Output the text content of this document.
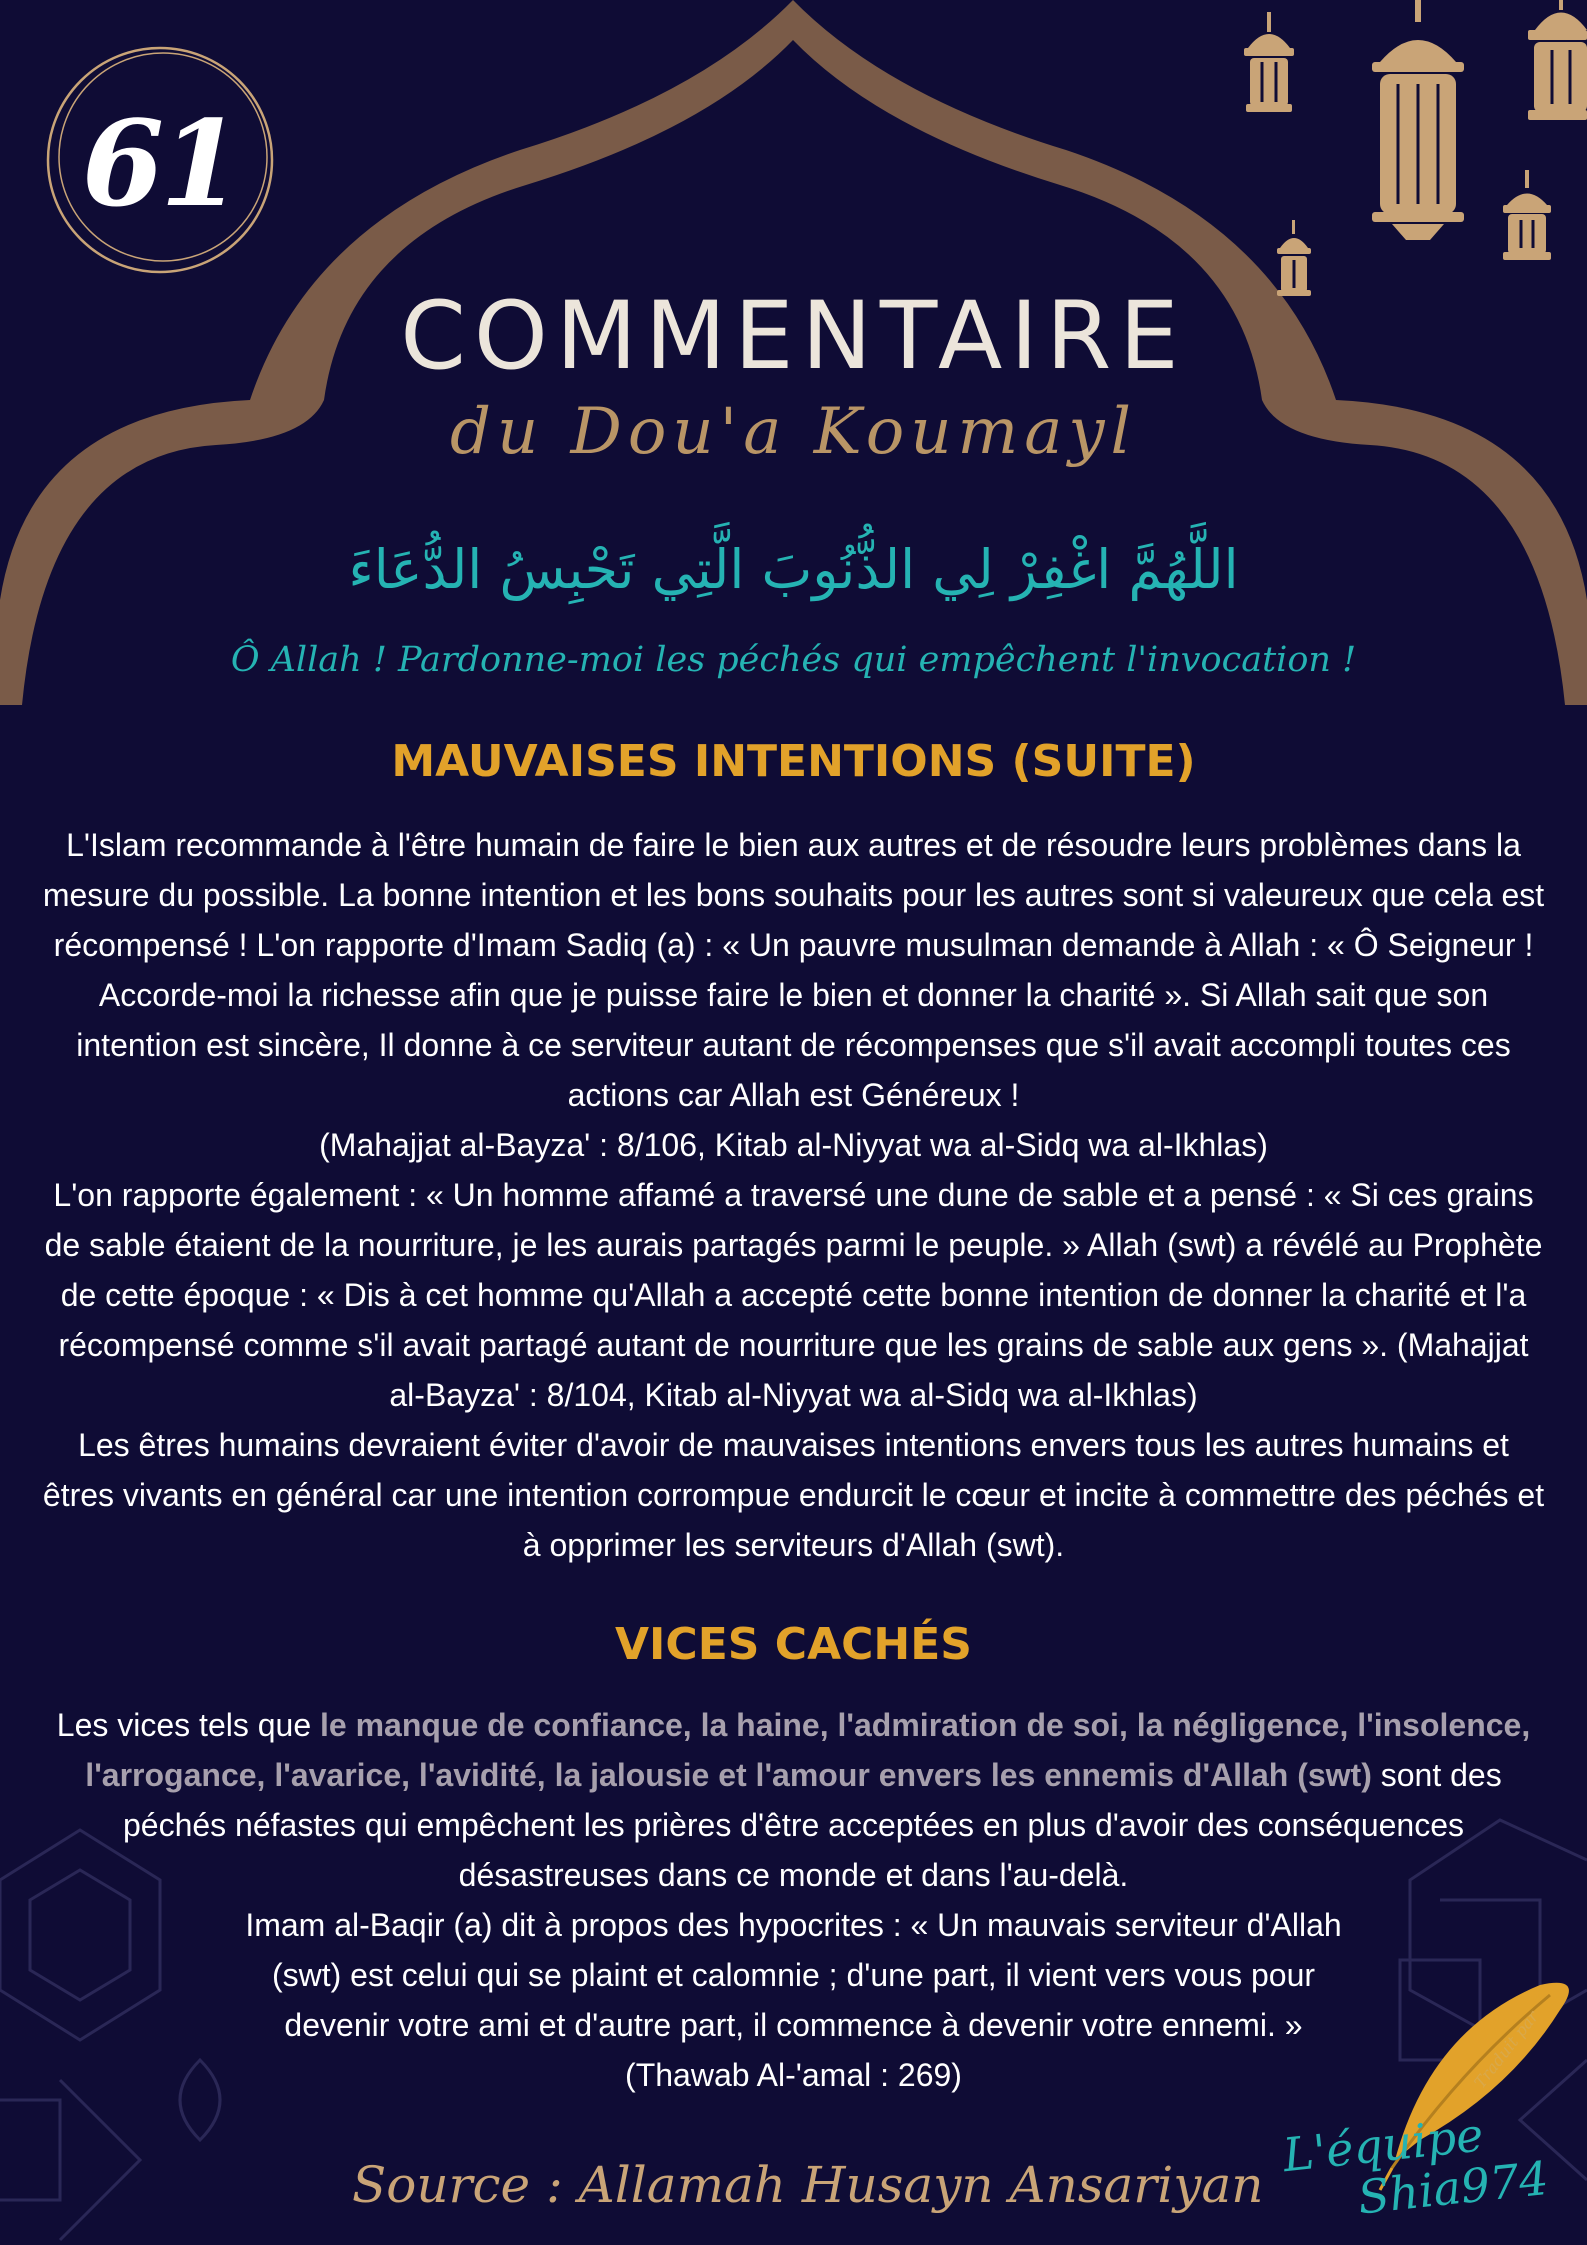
61
COMMENTAIRE
du Dou'a Koumayl
اللَّهُمَّ اغْفِرْ لِي الذُّنُوبَ الَّتِي تَحْبِسُ الدُّعَاءَ
Ô Allah ! Pardonne-moi les péchés qui empêchent l'invocation !
MAUVAISES INTENTIONS (SUITE)
L'Islam recommande à l'être humain de faire le bien aux autres et de résoudre leurs problèmes dans la mesure du possible. La bonne intention et les bons souhaits pour les autres sont si valeureux que cela est récompensé ! L'on rapporte d'Imam Sadiq (a) : « Un pauvre musulman demande à Allah : « Ô Seigneur ! Accorde-moi la richesse afin que je puisse faire le bien et donner la charité ». Si Allah sait que son intention est sincère, Il donne à ce serviteur autant de récompenses que s'il avait accompli toutes ces actions car Allah est Généreux !
(Mahajjat al-Bayza' : 8/106, Kitab al-Niyyat wa al-Sidq wa al-Ikhlas)
L'on rapporte également : « Un homme affamé a traversé une dune de sable et a pensé : « Si ces grains de sable étaient de la nourriture, je les aurais partagés parmi le peuple. » Allah (swt) a révélé au Prophète de cette époque : « Dis à cet homme qu'Allah a accepté cette bonne intention de donner la charité et l'a récompensé comme s'il avait partagé autant de nourriture que les grains de sable aux gens ». (Mahajjat al-Bayza' : 8/104, Kitab al-Niyyat wa al-Sidq wa al-Ikhlas)
Les êtres humains devraient éviter d'avoir de mauvaises intentions envers tous les autres humains et êtres vivants en général car une intention corrompue endurcit le cœur et incite à commettre des péchés et à opprimer les serviteurs d'Allah (swt).
VICES CACHÉS
Les vices tels que le manque de confiance, la haine, l'admiration de soi, la négligence, l'insolence, l'arrogance, l'avarice, l'avidité, la jalousie et l'amour envers les ennemis d'Allah (swt) sont des péchés néfastes qui empêchent les prières d'être acceptées en plus d'avoir des conséquences désastreuses dans ce monde et dans l'au-delà.
Imam al-Baqir (a) dit à propos des hypocrites : « Un mauvais serviteur d'Allah
(swt) est celui qui se plaint et calomnie ; d'une part, il vient vers vous pour
devenir votre ami et d'autre part, il commence à devenir votre ennemi. »
(Thawab Al-'amal : 269)
Source : Allamah Husayn Ansariyan
Traduit par
L'équipe
Shia974
